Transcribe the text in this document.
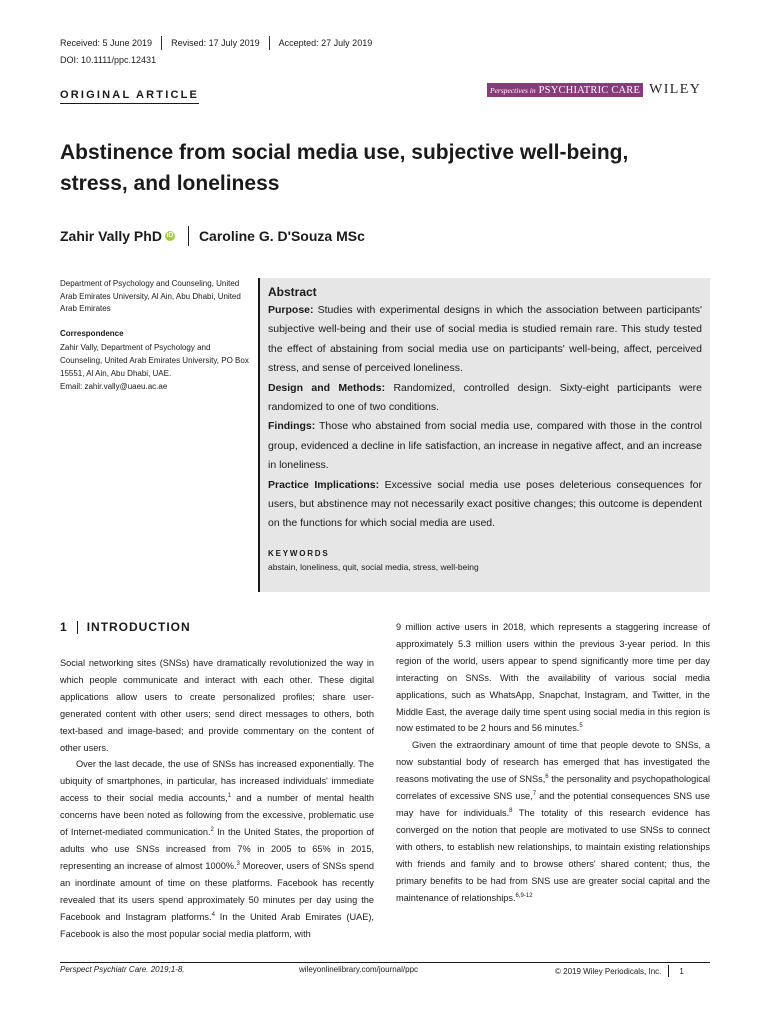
Received: 5 June 2019 Revised: 17 July 2019 Accepted: 27 July 2019
DOI: 10.1111/ppc.12431
ORIGINAL ARTICLE	Perspectives in PSYCHIATRIC CARE WILEY
Abstinence from social media use, subjective well-being, stress, and loneliness
Zahir Vally PhD iD Caroline G. D'Souza MSc
Department of Psychology and Counseling, United Arab Emirates University, Al Ain, Abu Dhabi, United Arab Emirates
Correspondence
Zahir Vally, Department of Psychology and Counseling, United Arab Emirates University, PO Box 15551, Al Ain, Abu Dhabi, UAE.
Email: zahir.vally@uaeu.ac.ae
Abstract

Purpose: Studies with experimental designs in which the association between participants' subjective well-being and their use of social media is studied remain rare. This study tested the effect of abstaining from social media use on participants' well-being, affect, perceived stress, and sense of perceived loneliness.

Design and Methods: Randomized, controlled design. Sixty-eight participants were randomized to one of two conditions.

Findings: Those who abstained from social media use, compared with those in the control group, evidenced a decline in life satisfaction, an increase in negative affect, and an increase in loneliness.

Practice Implications: Excessive social media use poses deleterious consequences for users, but abstinence may not necessarily exact positive changes; this outcome is dependent on the functions for which social media are used.

KEYWORDS
abstain, loneliness, quit, social media, stress, well-being
1 INTRODUCTION

Social networking sites (SNSs) have dramatically revolutionized the way in which people communicate and interact with each other. These digital applications allow users to create personalized profiles; share user-generated content with other users; send direct messages to others, both text-based and image-based; and provide commentary on the content of other users.

Over the last decade, the use of SNSs has increased exponentially. The ubiquity of smartphones, in particular, has increased individuals' immediate access to their social media accounts,$^1$ and a number of mental health concerns have been noted as following from the excessive, problematic use of Internet-mediated communication.$^2$ In the United States, the proportion of adults who use SNSs increased from 7% in 2005 to 65% in 2015, representing an increase of almost 1000%.$^3$ Moreover, users of SNSs spend an inordinate amount of time on these platforms. Facebook has recently revealed that its users spend approximately 50 minutes per day using the Facebook and Instagram platforms.$^4$ In the United Arab Emirates (UAE), Facebook is also the most popular social media platform, with

9 million active users in 2018, which represents a staggering increase of approximately 5.3 million users within the previous 3-year period. In this region of the world, users appear to spend significantly more time per day interacting on SNSs. With the availability of various social media applications, such as WhatsApp, Snapchat, Instagram, and Twitter, in the Middle East, the average daily time spent using social media in this region is now estimated to be 2 hours and 56 minutes.$^5$

Given the extraordinary amount of time that people devote to SNSs, a now substantial body of research has emerged that has investigated the reasons motivating the use of SNSs,$^6$ the personality and psychopathological correlates of excessive SNS use,$^7$ and the potential consequences SNS use may have for individuals.$^8$ The totality of this research evidence has converged on the notion that people are motivated to use SNSs to connect with others, to establish new relationships, to maintain existing relationships with friends and family and to browse others' shared content; thus, the primary benefits to be had from SNS use are greater social capital and the maintenance of relationships.$^{6,9-12}$

Perspect Psychiatr Care. 2019;1-8.	wileyonlinelibrary.com/journal/ppc	© 2019 Wiley Periodicals, Inc. 1
